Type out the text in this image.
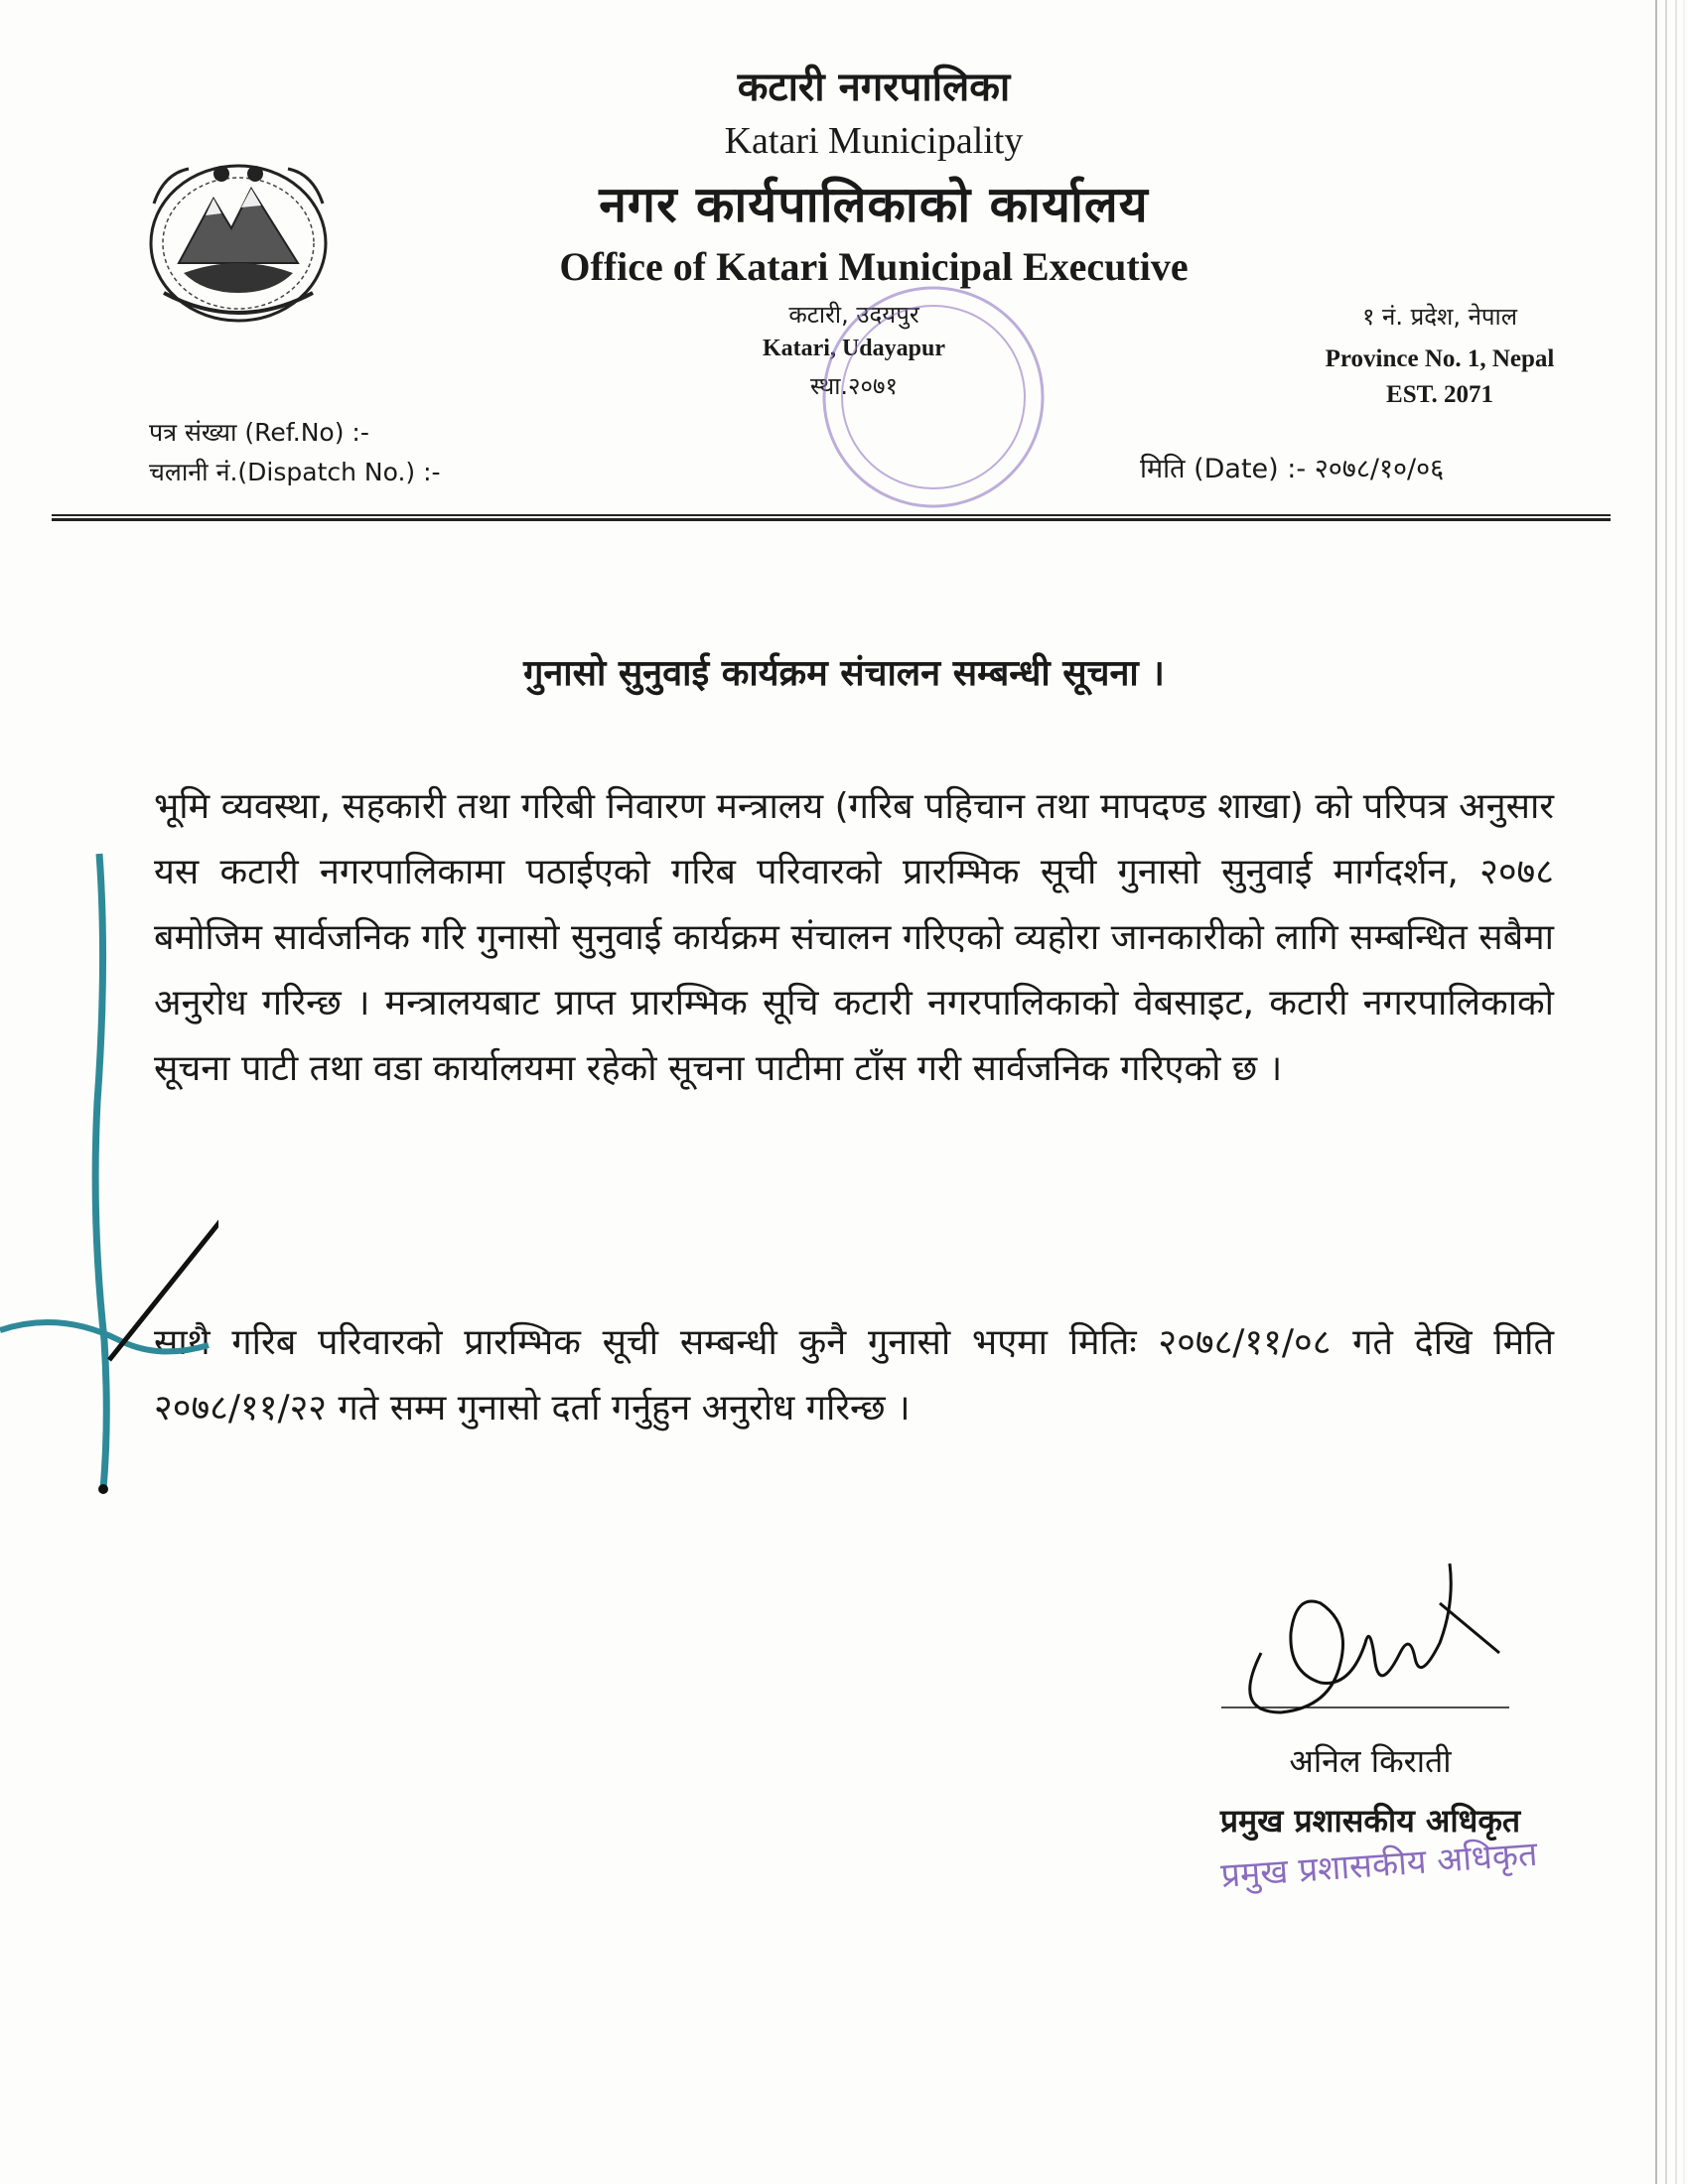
कटारी नगरपालिका

Katari Municipality

नगर कार्यपालिकाको कार्यालय

Office of Katari Municipal Executive

कटारी, उदयपुर

Katari, Udayapur

स्था.२०७१

१ नं. प्रदेश, नेपाल

Province No. 1, Nepal

EST. 2071

पत्र संख्या (Ref.No) :-

चलानी नं.(Dispatch No.) :-	मिति (Date) :- २०७८/१०/०६

गुनासो सुनुवाई कार्यक्रम संचालन सम्बन्धी सूचना ।

भूमि व्यवस्था, सहकारी तथा गरिबी निवारण मन्त्रालय (गरिब पहिचान तथा मापदण्ड शाखा) को परिपत्र अनुसार यस कटारी नगरपालिकामा पठाईएको गरिब परिवारको प्रारम्भिक सूची गुनासो सुनुवाई मार्गदर्शन, २०७८ बमोजिम सार्वजनिक गरि गुनासो सुनुवाई कार्यक्रम संचालन गरिएको व्यहोरा जानकारीको लागि सम्बन्धित सबैमा अनुरोध गरिन्छ । मन्त्रालयबाट प्राप्त प्रारम्भिक सूचि कटारी नगरपालिकाको वेबसाइट, कटारी नगरपालिकाको सूचना पाटी तथा वडा कार्यालयमा रहेको सूचना पाटीमा टाँस गरी सार्वजनिक गरिएको छ ।

साथै गरिब परिवारको प्रारम्भिक सूची सम्बन्धी कुनै गुनासो भएमा मितिः २०७८/११/०८ गते देखि मिति २०७८/११/२२ गते सम्म गुनासो दर्ता गर्नुहुन अनुरोध गरिन्छ ।

अनिल किराती

प्रमुख प्रशासकीय अधिकृत

प्रमुख प्रशासकीय अधिकृत
